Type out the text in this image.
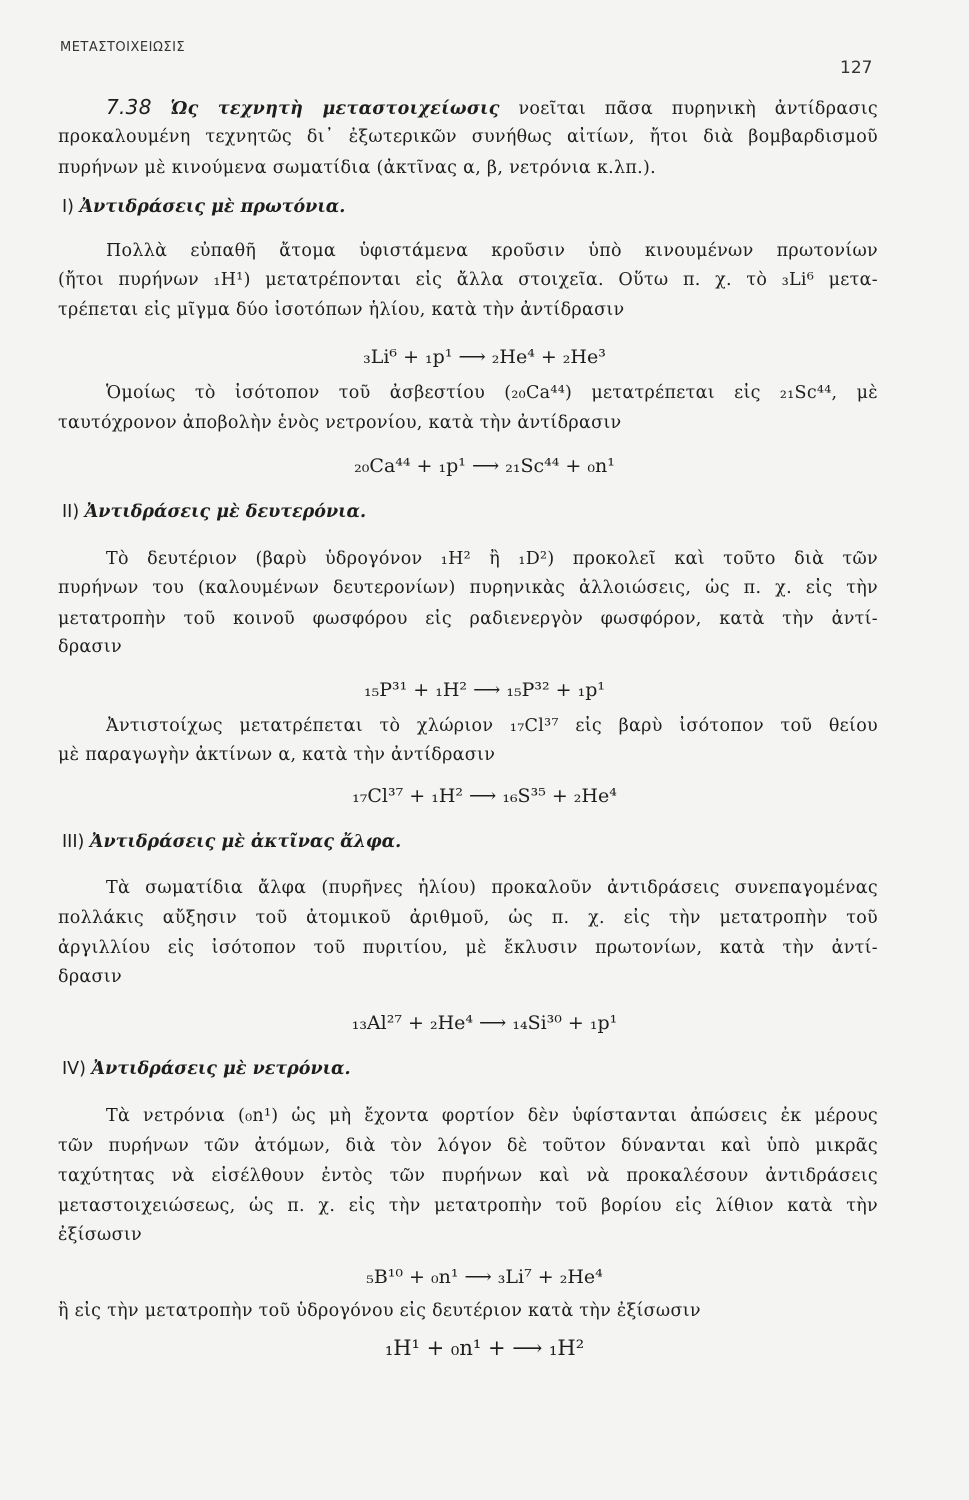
ΜΕΤΑΣΤΟΙΧΕΙΩΣΙΣ
127
7.38 Ὡς τεχνητὴ μεταστοιχείωσις νοεῖται πᾶσα πυρηνικὴ ἀντίδρασις
προκαλουμένη τεχνητῶς δι᾽ ἐξωτερικῶν συνήθως αἰτίων, ἤτοι διὰ βομβαρδισμοῦ
πυρήνων μὲ κινούμενα σωματίδια (ἀκτῖνας α, β, νετρόνια κ.λπ.).
I) Ἀντιδράσεις μὲ πρωτόνια.
Πολλὰ εὐπαθῆ ἄτομα ὑφιστάμενα κροῦσιν ὑπὸ κινουμένων πρωτονίων
(ἤτοι πυρήνων ₁H¹) μετατρέπονται εἰς ἄλλα στοιχεῖα. Οὕτω π. χ. τὸ ₃Li⁶ μετα-
τρέπεται εἰς μῖγμα δύο ἰσοτόπων ἡλίου, κατὰ τὴν ἀντίδρασιν
₃Li⁶ + ₁p¹ ⟶ ₂He⁴ + ₂He³
Ὁμοίως τὸ ἰσότοπον τοῦ ἀσβεστίου (₂₀Ca⁴⁴) μετατρέπεται εἰς ₂₁Sc⁴⁴, μὲ
ταυτόχρονον ἀποβολὴν ἑνὸς νετρονίου, κατὰ τὴν ἀντίδρασιν
₂₀Ca⁴⁴ + ₁p¹ ⟶ ₂₁Sc⁴⁴ + ₀n¹
II) Ἀντιδράσεις μὲ δευτερόνια.
Τὸ δευτέριον (βαρὺ ὑδρογόνον ₁H² ἢ ₁D²) προκολεῖ καὶ τοῦτο διὰ τῶν
πυρήνων του (καλουμένων δευτερονίων) πυρηνικὰς ἀλλοιώσεις, ὡς π. χ. εἰς τὴν
μετατροπὴν τοῦ κοινοῦ φωσφόρου εἰς ραδιενεργὸν φωσφόρον, κατὰ τὴν ἀντί-
δρασιν
₁₅P³¹ + ₁H² ⟶ ₁₅P³² + ₁p¹
Ἀντιστοίχως μετατρέπεται τὸ χλώριον ₁₇Cl³⁷ εἰς βαρὺ ἰσότοπον τοῦ θείου
μὲ παραγωγὴν ἀκτίνων α, κατὰ τὴν ἀντίδρασιν
₁₇Cl³⁷ + ₁H² ⟶ ₁₆S³⁵ + ₂He⁴
III) Ἀντιδράσεις μὲ ἀκτῖνας ἄλφα.
Τὰ σωματίδια ἄλφα (πυρῆνες ἡλίου) προκαλοῦν ἀντιδράσεις συνεπαγομένας
πολλάκις αὔξησιν τοῦ ἀτομικοῦ ἀριθμοῦ, ὡς π. χ. εἰς τὴν μετατροπὴν τοῦ
ἀργιλλίου εἰς ἰσότοπον τοῦ πυριτίου, μὲ ἔκλυσιν πρωτονίων, κατὰ τὴν ἀντί-
δρασιν
₁₃Al²⁷ + ₂He⁴ ⟶ ₁₄Si³⁰ + ₁p¹
IV) Ἀντιδράσεις μὲ νετρόνια.
Τὰ νετρόνια (₀n¹) ὡς μὴ ἔχοντα φορτίον δὲν ὑφίστανται ἀπώσεις ἐκ μέρους
τῶν πυρήνων τῶν ἀτόμων, διὰ τὸν λόγον δὲ τοῦτον δύνανται καὶ ὑπὸ μικρᾶς
ταχύτητας νὰ εἰσέλθουν ἐντὸς τῶν πυρήνων καὶ νὰ προκαλέσουν ἀντιδράσεις
μεταστοιχειώσεως, ὡς π. χ. εἰς τὴν μετατροπὴν τοῦ βορίου εἰς λίθιον κατὰ τὴν
ἐξίσωσιν
₅B¹⁰ + ₀n¹ ⟶ ₃Li⁷ + ₂He⁴
ἢ εἰς τὴν μετατροπὴν τοῦ ὑδρογόνου εἰς δευτέριον κατὰ τὴν ἐξίσωσιν
₁H¹ + ₀n¹ + ⟶ ₁H²
